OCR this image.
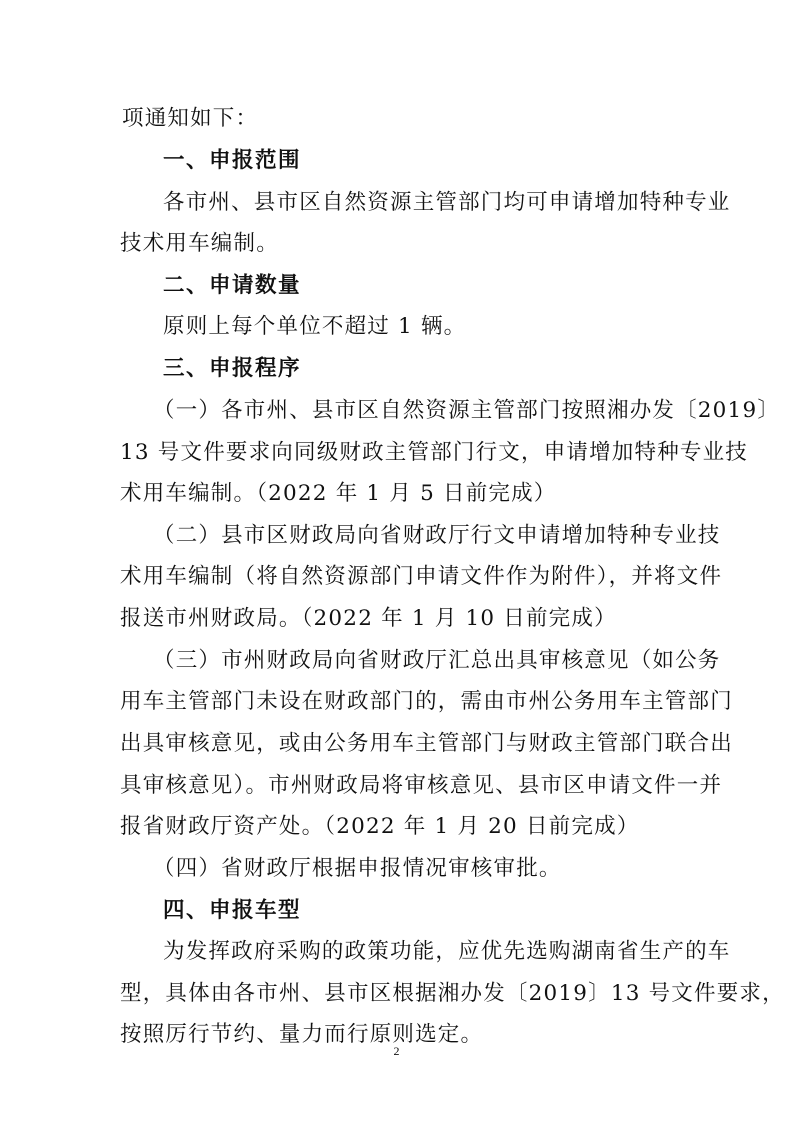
项通知如下：
一、申报范围
各市州、县市区自然资源主管部门均可申请增加特种专业
技术用车编制。
二、申请数量
原则上每个单位不超过 1 辆。
三、申报程序
（一）各市州、县市区自然资源主管部门按照湘办发〔2019〕
13 号文件要求向同级财政主管部门行文，申请增加特种专业技
术用车编制。（2022 年 1 月 5 日前完成）
（二）县市区财政局向省财政厅行文申请增加特种专业技
术用车编制（将自然资源部门申请文件作为附件），并将文件
报送市州财政局。（2022 年 1 月 10 日前完成）
（三）市州财政局向省财政厅汇总出具审核意见（如公务
用车主管部门未设在财政部门的，需由市州公务用车主管部门
出具审核意见，或由公务用车主管部门与财政主管部门联合出
具审核意见）。市州财政局将审核意见、县市区申请文件一并
报省财政厅资产处。（2022 年 1 月 20 日前完成）
（四）省财政厅根据申报情况审核审批。
四、申报车型
为发挥政府采购的政策功能，应优先选购湖南省生产的车
型，具体由各市州、县市区根据湘办发〔2019〕13 号文件要求，
按照厉行节约、量力而行原则选定。
2
